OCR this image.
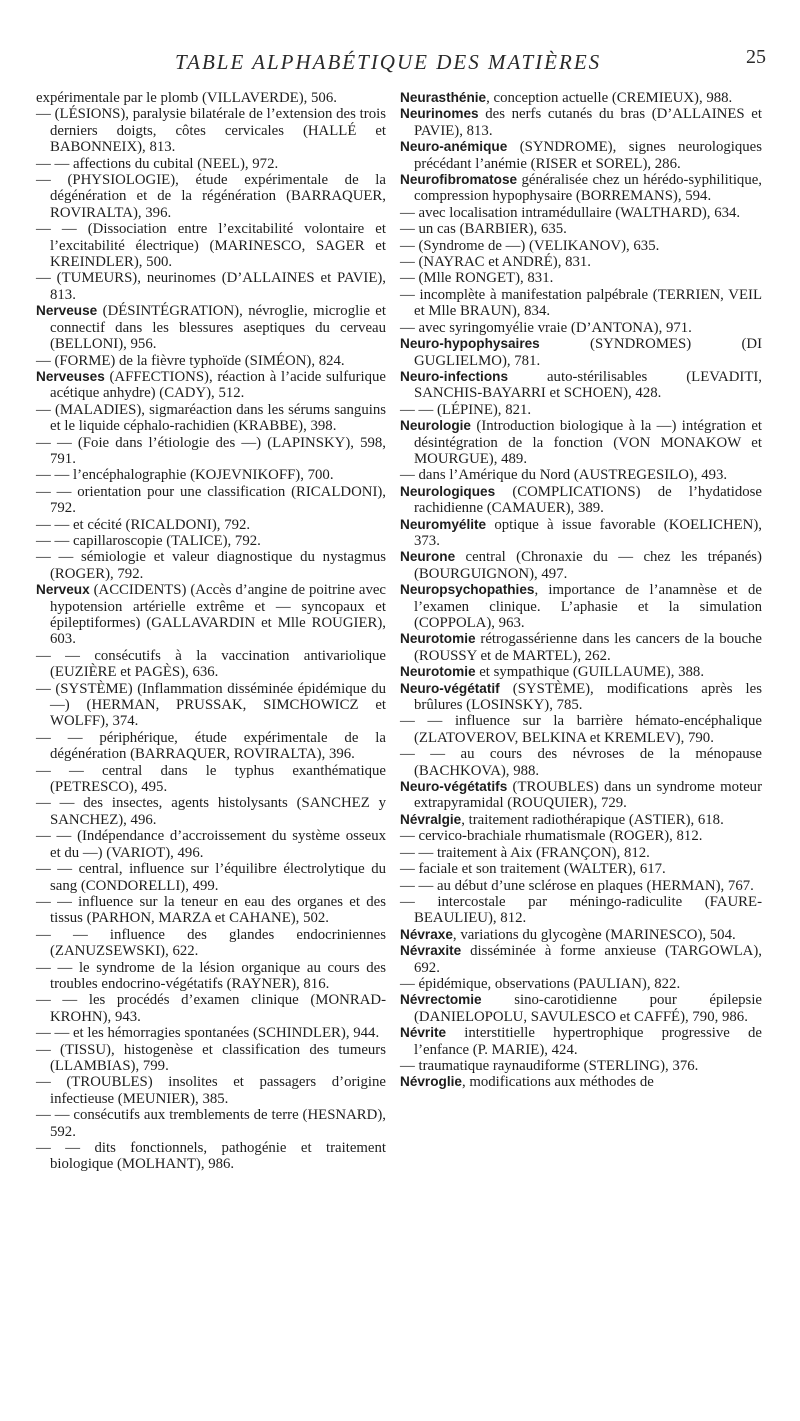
TABLE ALPHABÉTIQUE DES MATIÈRES	25

expérimentale par le plomb (VILLAVERDE), 506.

— (LÉSIONS), paralysie bilatérale de l’extension des trois derniers doigts, côtes cervicales (HALLÉ et BABONNEIX), 813.

— — affections du cubital (NEEL), 972.

— (PHYSIOLOGIE), étude expérimentale de la dégénération et de la régénération (BARRAQUER, ROVIRALTA), 396.

— — (Dissociation entre l’excitabilité volontaire et l’excitabilité électrique) (MARINESCO, SAGER et KREINDLER), 500.

— (TUMEURS), neurinomes (D’ALLAINES et PAVIE), 813.

Nerveuse (DÉSINTÉGRATION), névroglie, microglie et connectif dans les blessures aseptiques du cerveau (BELLONI), 956.

— (FORME) de la fièvre typhoïde (SIMÉON), 824.

Nerveuses (AFFECTIONS), réaction à l’acide sulfurique acétique anhydre) (CADY), 512.

— (MALADIES), sigmaréaction dans les sérums sanguins et le liquide céphalo-rachidien (KRABBE), 398.

— — (Foie dans l’étiologie des —) (LAPINSKY), 598, 791.

— — l’encéphalographie (KOJEVNIKOFF), 700.

— — orientation pour une classification (RICALDONI), 792.

— — et cécité (RICALDONI), 792.

— — capillaroscopie (TALICE), 792.

— — sémiologie et valeur diagnostique du nystagmus (ROGER), 792.

Nerveux (ACCIDENTS) (Accès d’angine de poitrine avec hypotension artérielle extrême et — syncopaux et épileptiformes) (GALLAVARDIN et Mlle ROUGIER), 603.

— — consécutifs à la vaccination antivariolique (EUZIÈRE et PAGÈS), 636.

— (SYSTÈME) (Inflammation disséminée épidémique du —) (HERMAN, PRUSSAK, SIMCHOWICZ et WOLFF), 374.

— — périphérique, étude expérimentale de la dégénération (BARRAQUER, ROVIRALTA), 396.

— — central dans le typhus exanthématique (PETRESCO), 495.

— — des insectes, agents histolysants (SANCHEZ y SANCHEZ), 496.

— — (Indépendance d’accroissement du système osseux et du —) (VARIOT), 496.

— — central, influence sur l’équilibre électrolytique du sang (CONDORELLI), 499.

— — influence sur la teneur en eau des organes et des tissus (PARHON, MARZA et CAHANE), 502.

— — influence des glandes endocriniennes (ZANUZSEWSKI), 622.

— — le syndrome de la lésion organique au cours des troubles endocrino-végétatifs (RAYNER), 816.

— — les procédés d’examen clinique (MONRAD-KROHN), 943.

— — et les hémorragies spontanées (SCHINDLER), 944.

— (TISSU), histogenèse et classification des tumeurs (LLAMBIAS), 799.

— (TROUBLES) insolites et passagers d’origine infectieuse (MEUNIER), 385.

— — consécutifs aux tremblements de terre (HESNARD), 592.

— — dits fonctionnels, pathogénie et traitement biologique (MOLHANT), 986.

Neurasthénie, conception actuelle (CREMIEUX), 988.

Neurinomes des nerfs cutanés du bras (D’ALLAINES et PAVIE), 813.

Neuro-anémique (SYNDROME), signes neurologiques précédant l’anémie (RISER et SOREL), 286.

Neurofibromatose généralisée chez un hérédo-syphilitique, compression hypophysaire (BORREMANS), 594.

— avec localisation intramédullaire (WALTHARD), 634.

— un cas (BARBIER), 635.

— (Syndrome de —) (VELIKANOV), 635.

— (NAYRAC et ANDRÉ), 831.

— (Mlle RONGET), 831.

— incomplète à manifestation palpébrale (TERRIEN, VEIL et Mlle BRAUN), 834.

— avec syringomyélie vraie (D’ANTONA), 971.

Neuro-hypophysaires (SYNDROMES) (DI GUGLIELMO), 781.

Neuro-infections auto-stérilisables (LEVADITI, SANCHIS-BAYARRI et SCHOEN), 428.

— — (LÉPINE), 821.

Neurologie (Introduction biologique à la —) intégration et désintégration de la fonction (VON MONAKOW et MOURGUE), 489.

— dans l’Amérique du Nord (AUSTREGESILO), 493.

Neurologiques (COMPLICATIONS) de l’hydatidose rachidienne (CAMAUER), 389.

Neuromyélite optique à issue favorable (KOELICHEN), 373.

Neurone central (Chronaxie du — chez les trépanés) (BOURGUIGNON), 497.

Neuropsychopathies, importance de l’anamnèse et de l’examen clinique. L’aphasie et la simulation (COPPOLA), 963.

Neurotomie rétrogassérienne dans les cancers de la bouche (ROUSSY et de MARTEL), 262.

Neurotomie et sympathique (GUILLAUME), 388.

Neuro-végétatif (SYSTÈME), modifications après les brûlures (LOSINSKY), 785.

— — influence sur la barrière hémato-encéphalique (ZLATOVEROV, BELKINA et KREMLEV), 790.

— — au cours des névroses de la ménopause (BACHKOVA), 988.

Neuro-végétatifs (TROUBLES) dans un syndrome moteur extrapyramidal (ROUQUIER), 729.

Névralgie, traitement radiothérapique (ASTIER), 618.

— cervico-brachiale rhumatismale (ROGER), 812.

— — traitement à Aix (FRANÇON), 812.

— faciale et son traitement (WALTER), 617.

— — au début d’une sclérose en plaques (HERMAN), 767.

— intercostale par méningo-radiculite (FAURE-BEAULIEU), 812.

Névraxe, variations du glycogène (MARINESCO), 504.

Névraxite disséminée à forme anxieuse (TARGOWLA), 692.

— épidémique, observations (PAULIAN), 822.

Névrectomie sino-carotidienne pour épilepsie (DANIELOPOLU, SAVULESCO et CAFFÉ), 790, 986.

Névrite interstitielle hypertrophique progressive de l’enfance (P. MARIE), 424.

— traumatique raynaudiforme (STERLING), 376.

Névroglie, modifications aux méthodes de
